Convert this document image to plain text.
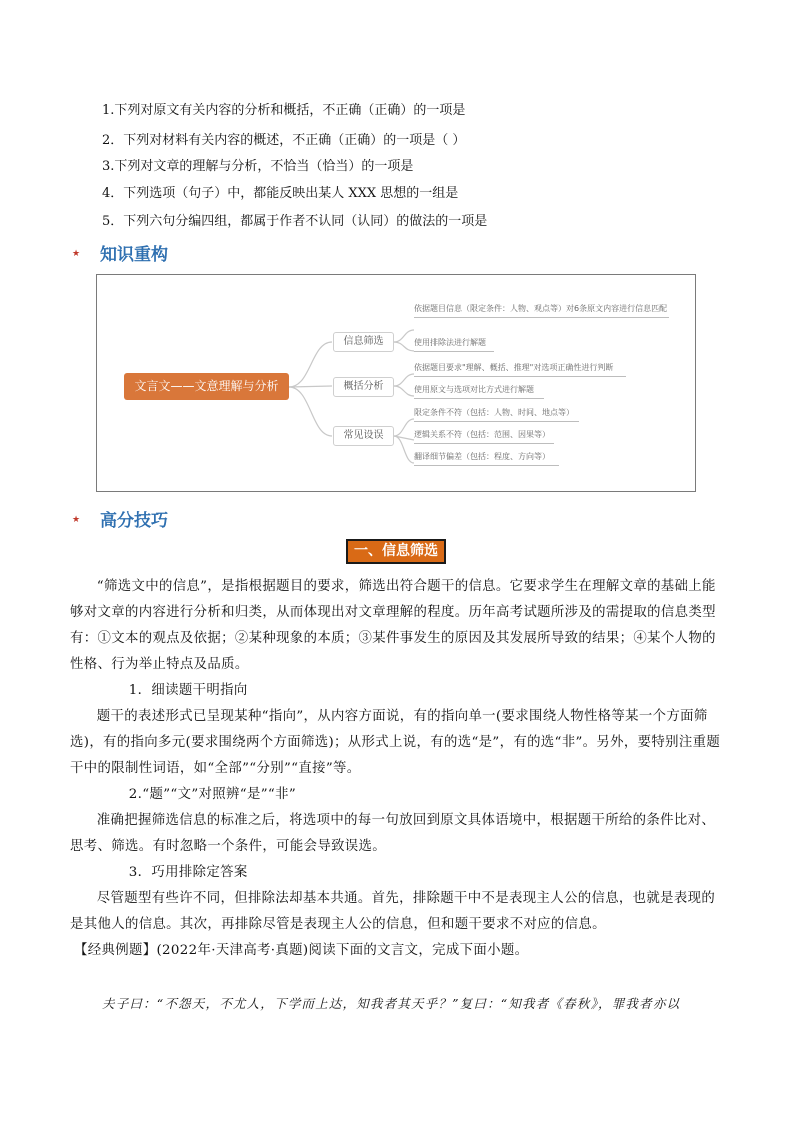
1.下列对原文有关内容的分析和概括，不正确（正确）的一项是
2．下列对材料有关内容的概述，不正确（正确）的一项是（ ）
3.下列对文章的理解与分析，不恰当（恰当）的一项是
4．下列选项（句子）中，都能反映出某人 XXX 思想的一组是
5．下列六句分编四组，都属于作者不认同（认同）的做法的一项是
★ 知识重构
文言文——文意理解与分析
信息筛选
概括分析
常见设误
依据题目信息（限定条件：人物、观点等）对6条原文内容进行信息匹配
使用排除法进行解题
依据题目要求"理解、概括、推理"对选项正确性进行判断
使用原文与选项对比方式进行解题
限定条件不符（包括：人物、时间、地点等）
逻辑关系不符（包括：范围、因果等）
翻译细节偏差（包括：程度、方向等）
★ 高分技巧
一、信息筛选

“筛选文中的信息”，是指根据题目的要求，筛选出符合题干的信息。它要求学生在理解文章的基础上能够对文章的内容进行分析和归类，从而体现出对文章理解的程度。历年高考试题所涉及的需提取的信息类型有：①文本的观点及依据；②某种现象的本质；③某件事发生的原因及其发展所导致的结果；④某个人物的性格、行为举止特点及品质。

1．细读题干明指向

题干的表述形式已呈现某种“指向”，从内容方面说，有的指向单一(要求围绕人物性格等某一个方面筛选)，有的指向多元(要求围绕两个方面筛选)；从形式上说，有的选“是”，有的选“非”。另外，要特别注重题干中的限制性词语，如“全部”“分别”“直接”等。

2.“题”“文”对照辨“是”“非”

准确把握筛选信息的标准之后，将选项中的每一句放回到原文具体语境中，根据题干所给的条件比对、思考、筛选。有时忽略一个条件，可能会导致误选。

3．巧用排除定答案

尽管题型有些许不同，但排除法却基本共通。首先，排除题干中不是表现主人公的信息，也就是表现的是其他人的信息。其次，再排除尽管是表现主人公的信息，但和题干要求不对应的信息。

【经典例题】(2022年·天津高考·真题)阅读下面的文言文，完成下面小题。

夫子曰：“不怨天，不尤人，下学而上达，知我者其天乎？”复曰：“知我者《春秋》，罪我者亦以
